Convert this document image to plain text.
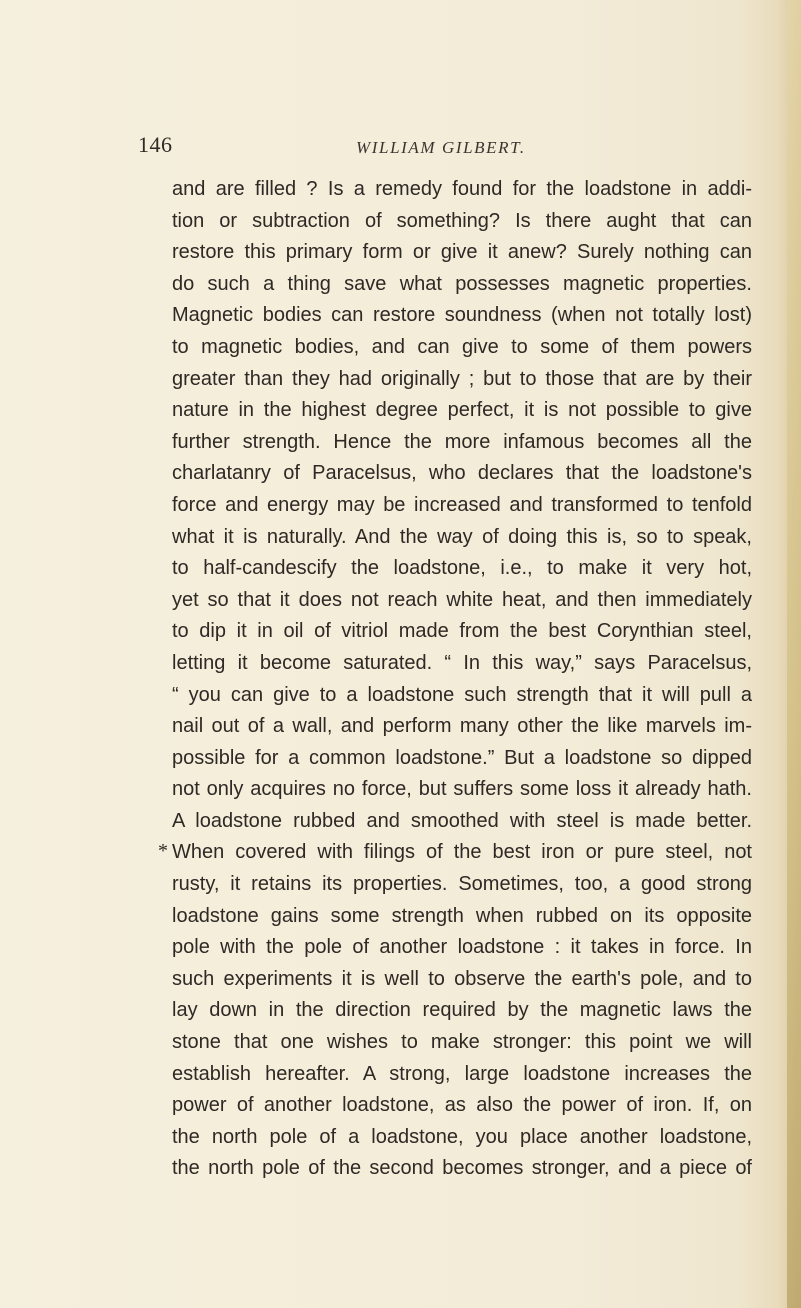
146	WILLIAM GILBERT.
*
and are filled ? Is a remedy found for the loadstone in addi-
tion or subtraction of something? Is there aught that can
restore this primary form or give it anew? Surely nothing can
do such a thing save what possesses magnetic properties.
Magnetic bodies can restore soundness (when not totally lost)
to magnetic bodies, and can give to some of them powers
greater than they had originally ; but to those that are by their
nature in the highest degree perfect, it is not possible to give
further strength. Hence the more infamous becomes all the
charlatanry of Paracelsus, who declares that the loadstone's
force and energy may be increased and transformed to tenfold
what it is naturally. And the way of doing this is, so to speak,
to half-candescify the loadstone, i.e., to make it very hot,
yet so that it does not reach white heat, and then immediately
to dip it in oil of vitriol made from the best Corynthian steel,
letting it become saturated. “ In this way,” says Paracelsus,
“ you can give to a loadstone such strength that it will pull a
nail out of a wall, and perform many other the like marvels im-
possible for a common loadstone.” But a loadstone so dipped
not only acquires no force, but suffers some loss it already hath.
A loadstone rubbed and smoothed with steel is made better.
When covered with filings of the best iron or pure steel, not
rusty, it retains its properties. Sometimes, too, a good strong
loadstone gains some strength when rubbed on its opposite
pole with the pole of another loadstone : it takes in force. In
such experiments it is well to observe the earth's pole, and to
lay down in the direction required by the magnetic laws the
stone that one wishes to make stronger: this point we will
establish hereafter. A strong, large loadstone increases the
power of another loadstone, as also the power of iron. If, on
the north pole of a loadstone, you place another loadstone,
the north pole of the second becomes stronger, and a piece of
